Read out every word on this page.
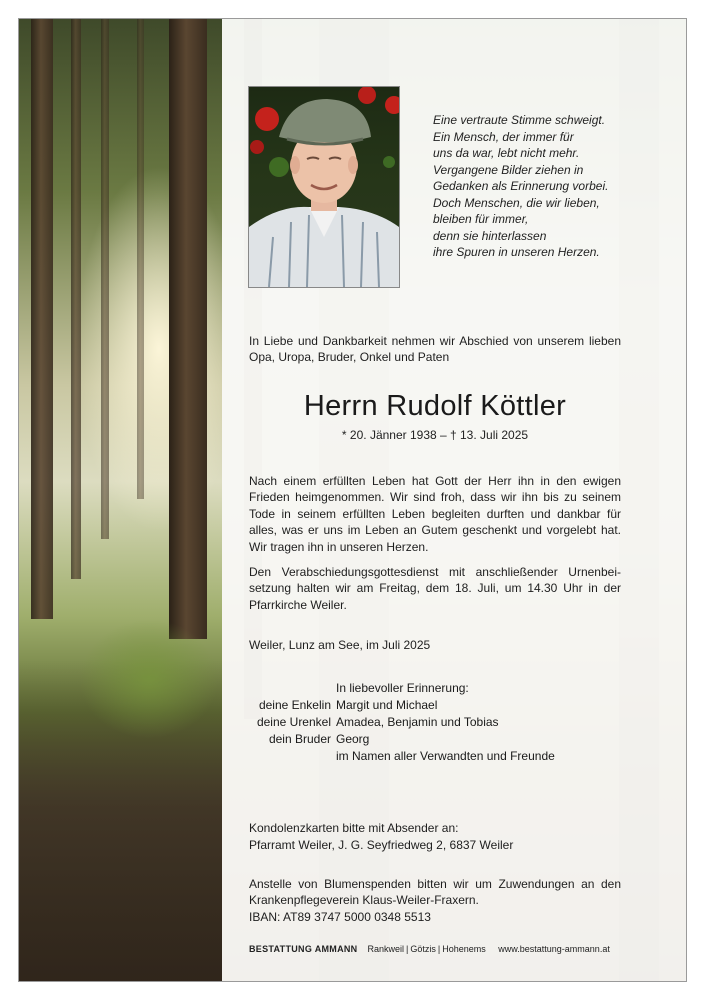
Eine vertraute Stimme schweigt.
Ein Mensch, der immer für
uns da war, lebt nicht mehr.
Vergangene Bilder ziehen in
Gedanken als Erinnerung vorbei.
Doch Menschen, die wir lieben,
bleiben für immer,
denn sie hinterlassen
ihre Spuren in unseren Herzen.
In Liebe und Dankbarkeit nehmen wir Abschied von unserem lieben Opa, Uropa, Bruder, Onkel und Paten
Herrn Rudolf Köttler
* 20. Jänner 1938 – † 13. Juli 2025
Nach einem erfüllten Leben hat Gott der Herr ihn in den ewigen Frieden heimgenommen. Wir sind froh, dass wir ihn bis zu seinem Tode in seinem erfüllten Leben begleiten durften und dankbar für alles, was er uns im Leben an Gutem geschenkt und vorgelebt hat. Wir tragen ihn in unseren Herzen.
Den Verabschiedungsgottesdienst mit anschließender Urnenbei-setzung halten wir am Freitag, dem 18. Juli, um 14.30 Uhr in der Pfarrkirche Weiler.
Weiler, Lunz am See, im Juli 2025
In liebevoller Erinnerung:
deine Enkelin Margit und Michael
deine Urenkel Amadea, Benjamin und Tobias
dein Bruder Georg
im Namen aller Verwandten und Freunde
Kondolenzkarten bitte mit Absender an:
Pfarramt Weiler, J. G. Seyfriedweg 2, 6837 Weiler
Anstelle von Blumenspenden bitten wir um Zuwendungen an den Krankenpflegeverein Klaus-Weiler-Fraxern.
IBAN: AT89 3747 5000 0348 5513
BESTATTUNG AMMANN Rankweil | Götzis | Hohenems www.bestattung-ammann.at
